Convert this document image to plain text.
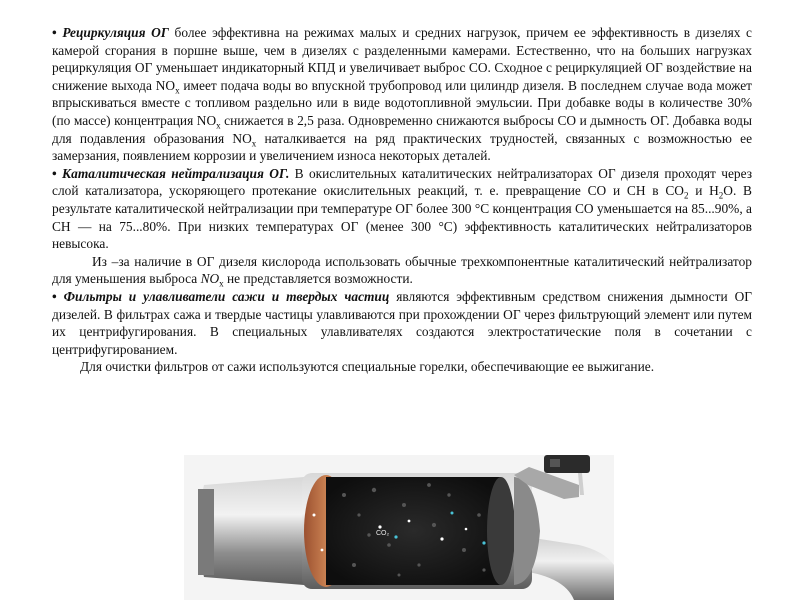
• Рециркуляция ОГ более эффективна на режимах малых и средних нагрузок, причем ее эффективность в дизелях с камерой сгорания в поршне выше, чем в дизелях с разделенными камерами. Естественно, что на больших нагрузках рециркуляция ОГ уменьшает индикаторный КПД и увеличивает выброс СО. Сходное с рециркуляцией ОГ воздействие на снижение выхода $NO_x$ имеет подача воды во впускной трубопровод или цилиндр дизеля. В последнем случае вода может впрыскиваться вместе с топливом раздельно или в виде водотопливной эмульсии. При добавке воды в количестве 30% (по массе) концентрация $NO_x$ снижается в 2,5 раза. Одновременно снижаются выбросы СО и дымность ОГ. Добавка воды для подавления образования $NO_x$ наталкивается на ряд практических трудностей, связанных с возможностью ее замерзания, появлением коррозии и увеличением износа некоторых деталей.

• Каталитическая нейтрализация ОГ. В окислительных каталитических нейтрализаторах ОГ дизеля проходят через слой катализатора, ускоряющего протекание окислительных реакций, т. е. превращение СО и СН в $СО_2$ и $Н_2О$. В результате каталитической нейтрализации при температуре ОГ более 300 °С концентрация СО уменьшается на 85...90%, а СН — на 75...80%. При низких температурах ОГ (менее 300 °С) эффективность каталитических нейтрализаторов невысока.

Из –за наличие в ОГ дизеля кислорода использовать обычные трехкомпонентные каталитический нейтрализатор для уменьшения выброса $NO_x$ не представляется возможности.

• Фильтры и улавливатели сажи и твердых частиц являются эффективным средством снижения дымности ОГ дизелей. В фильтрах сажа и твердые частицы улавливаются при прохождении ОГ через фильтрующий элемент или путем их центрифугирования. В специальных улавливателях создаются электростатические поля в сочетании с центрифугированием.

Для очистки фильтров от сажи используются специальные горелки, обеспечивающие ее выжигание.

CO₂
